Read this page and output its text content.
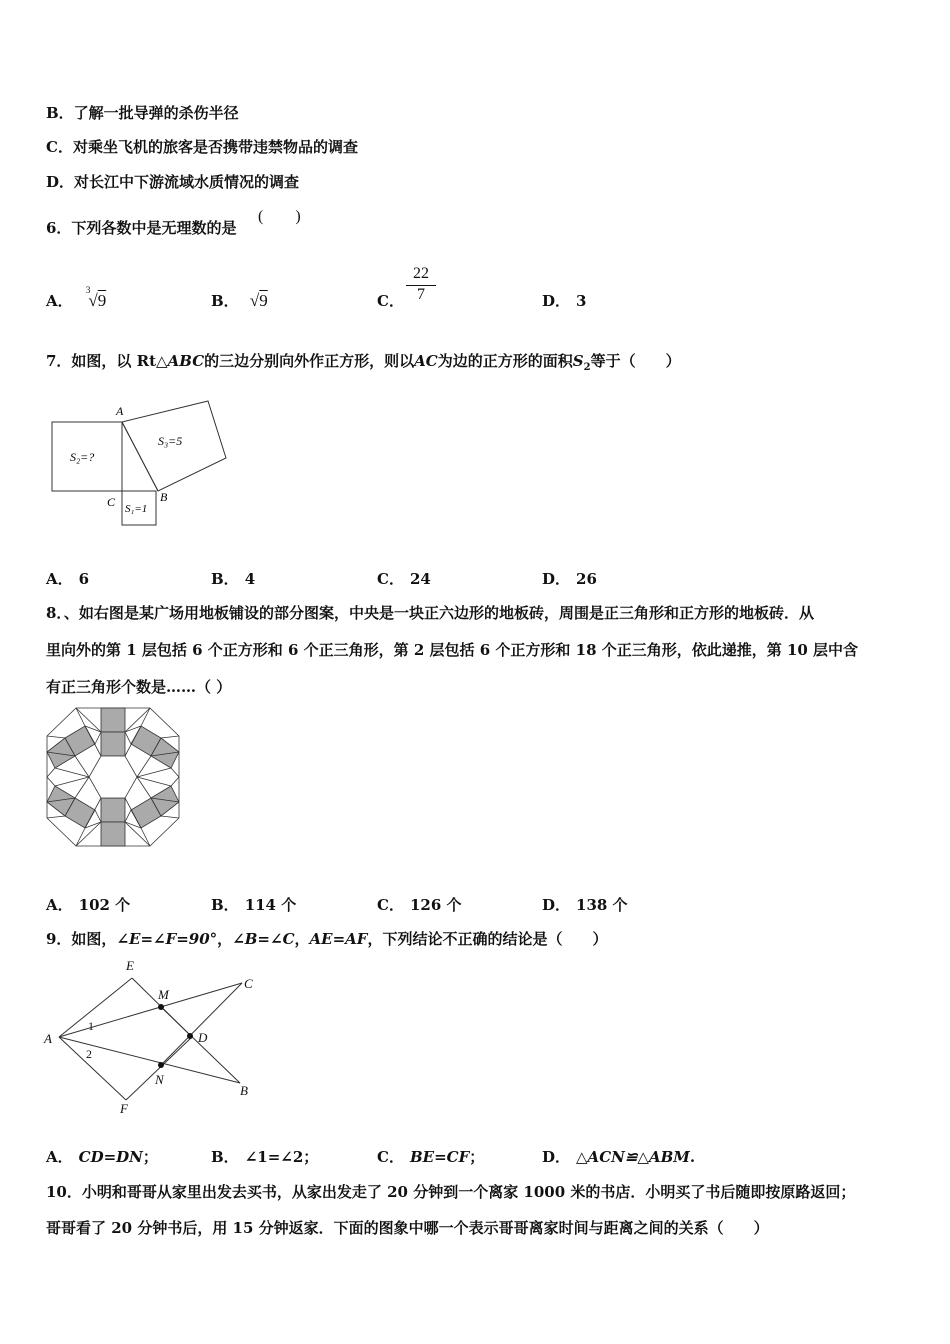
B．了解一批导弹的杀伤半径
C．对乘坐飞机的旅客是否携带违禁物品的调查
D．对长江中下游流域水质情况的调查
6．下列各数中是无理数的是
(　　)
A． $^3$√9	B． √9	C． $\frac{22}{7}$	D． 3
7．如图，以 Rt△ABC的三边分别向外作正方形，则以AC为边的正方形的面积$S_2$等于（　　）
A
B
C
S₂=?
S₃=5
S₁=1
A． 6	B． 4	C． 24	D． 26
8．、如右图是某广场用地板铺设的部分图案，中央是一块正六边形的地板砖，周围是正三角形和正方形的地板砖．从
里向外的第 1 层包括 6 个正方形和 6 个正三角形，第 2 层包括 6 个正方形和 18 个正三角形，依此递推，第 10 层中含
有正三角形个数是……（ ）
A． 102 个	B． 114 个	C． 126 个	D． 138 个
9．如图，∠E=∠F=90°，∠B=∠C，AE=AF，下列结论不正确的结论是（　　）
E
M
C
A	D
N
B
F
1
2
A． CD=DN；	B． ∠1=∠2；	C． BE=CF；	D． △ACN≌△ABM.
10．小明和哥哥从家里出发去买书，从家出发走了 20 分钟到一个离家 1000 米的书店．小明买了书后随即按原路返回；
哥哥看了 20 分钟书后，用 15 分钟返家．下面的图象中哪一个表示哥哥离家时间与距离之间的关系（　　）
